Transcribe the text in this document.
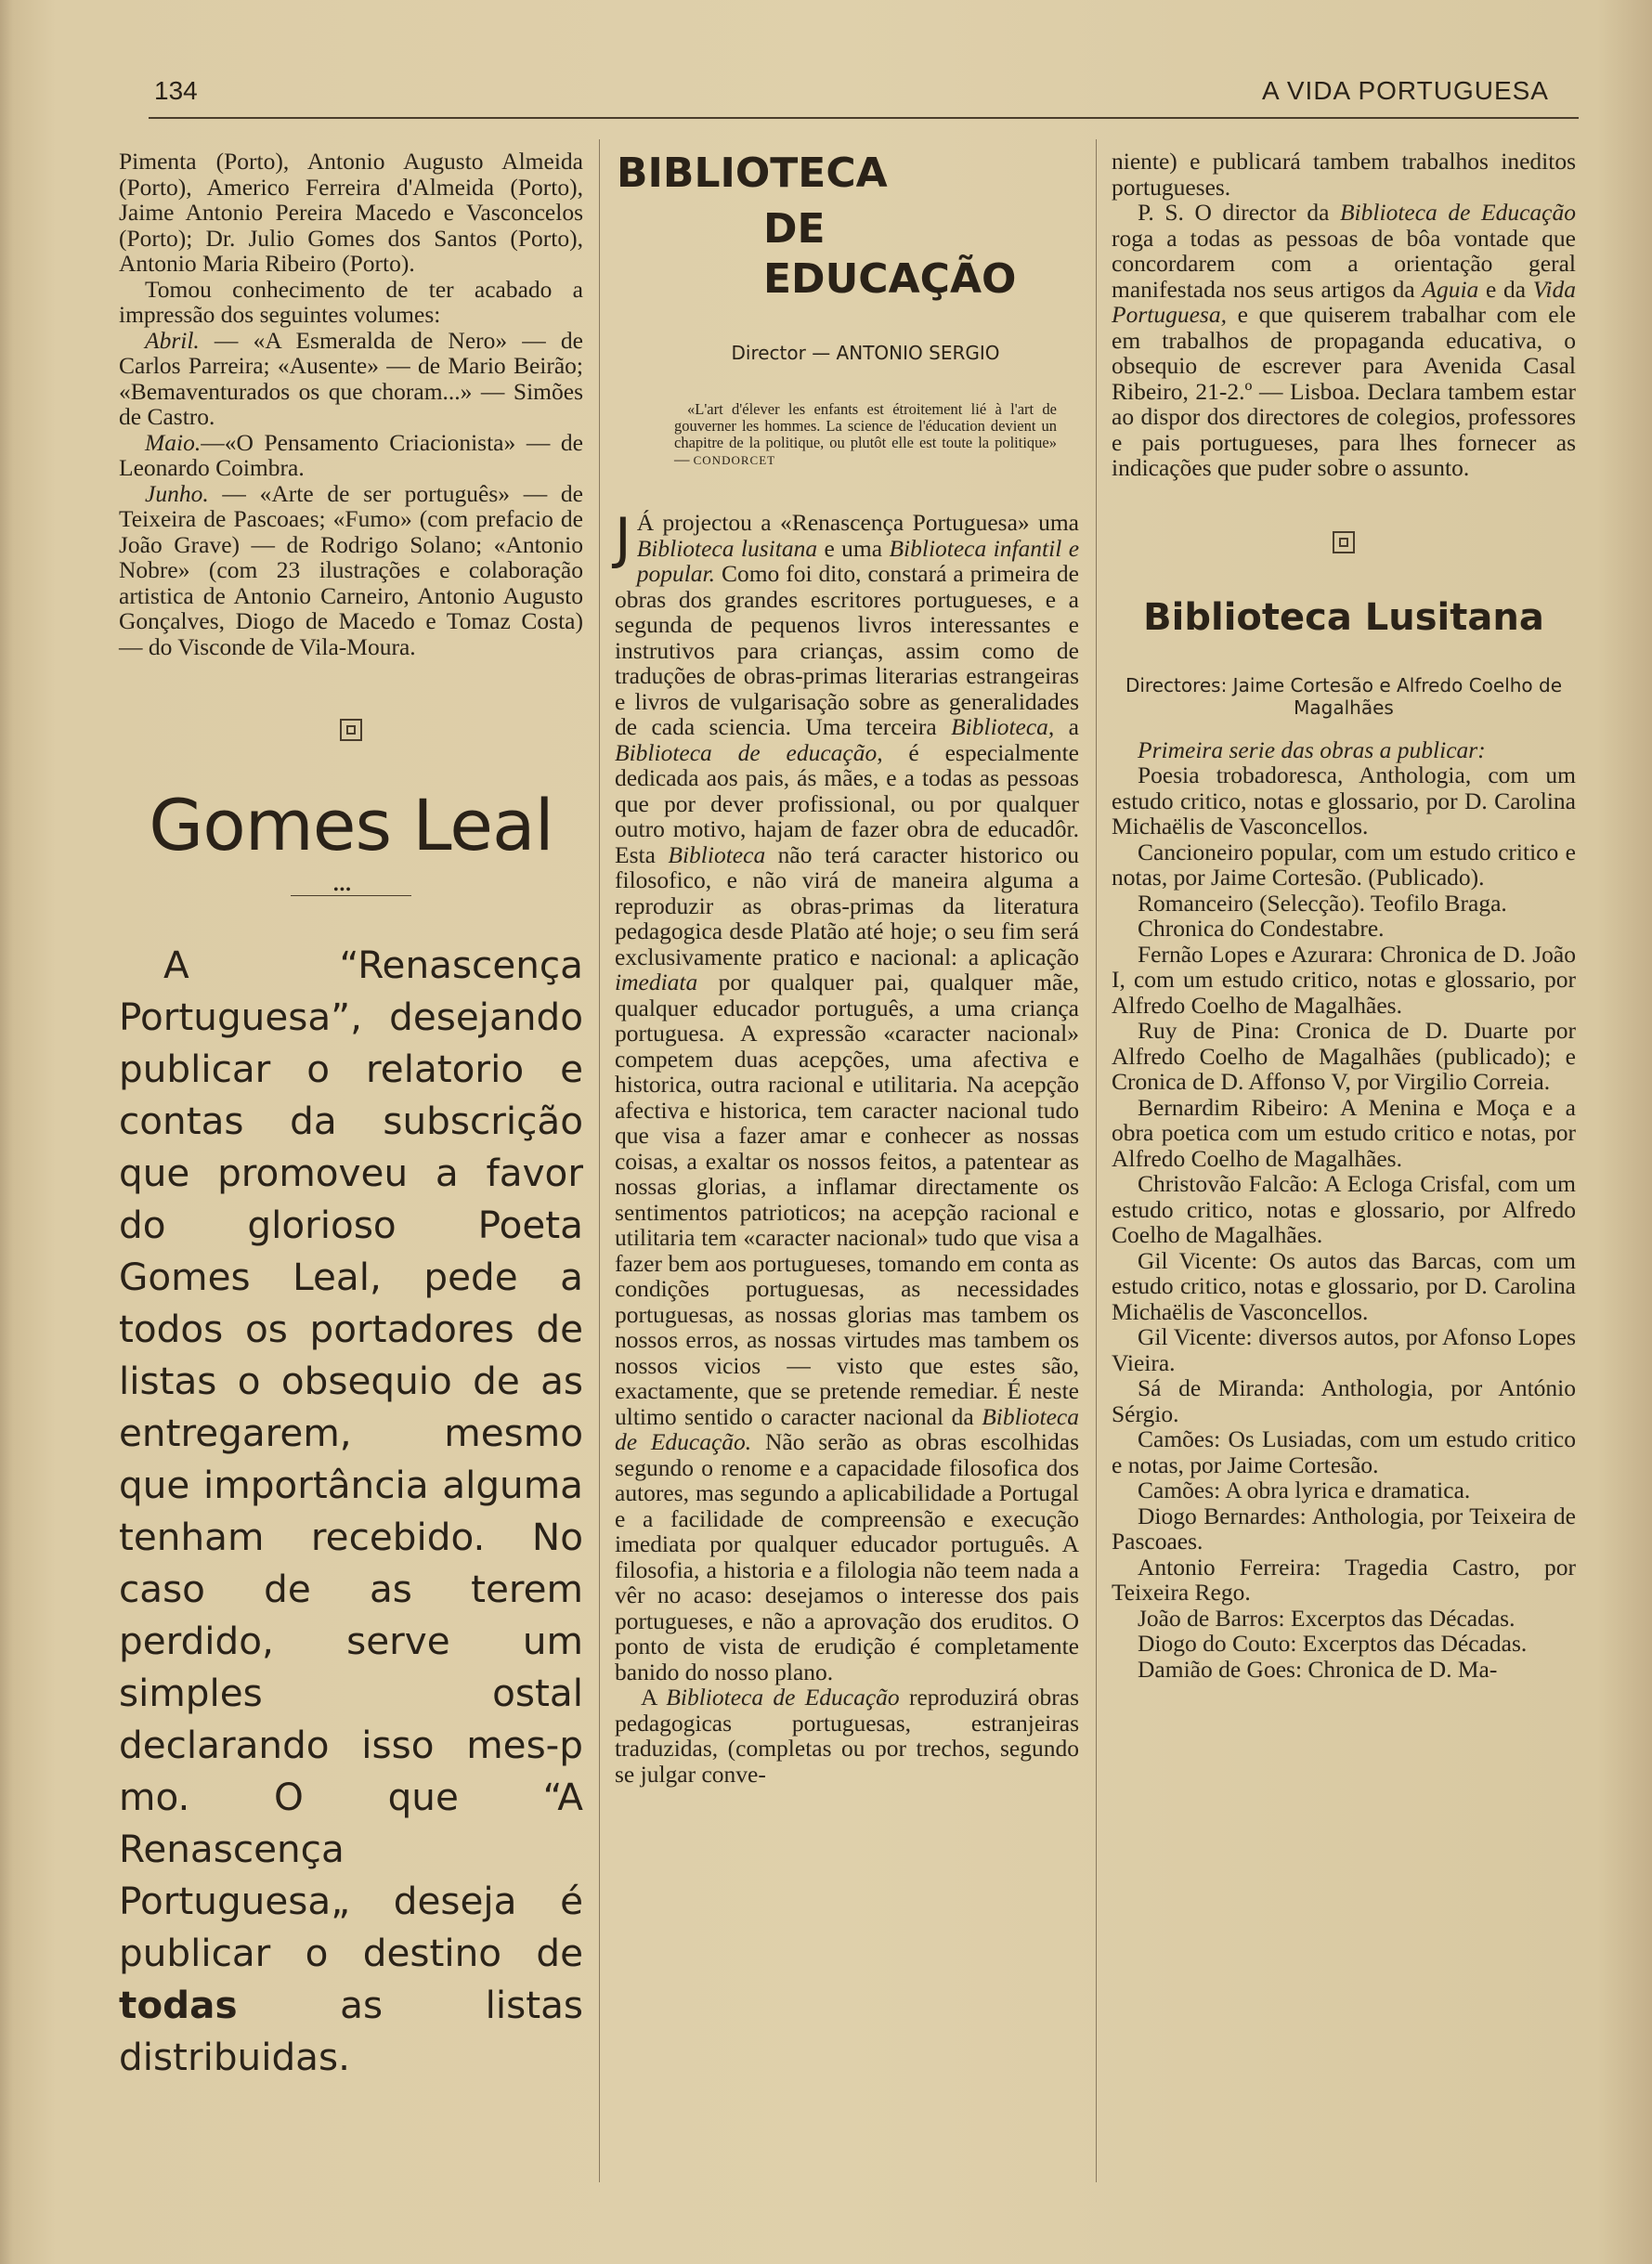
134	A VIDA PORTUGUESA

Pimenta (Porto), Antonio Augusto Almeida (Porto), Americo Ferreira d'Almeida (Porto), Jaime Antonio Pereira Macedo e Vasconcelos (Porto); Dr. Julio Gomes dos Santos (Porto), Antonio Maria Ribeiro (Porto).

Tomou conhecimento de ter acabado a impressão dos seguintes volumes:

Abril. — «A Esmeralda de Nero» — de Carlos Parreira; «Ausente» — de Mario Beirão; «Bemaventurados os que choram...» — Simões de Castro.

Maio.—«O Pensamento Criacionista» — de Leonardo Coimbra.

Junho. — «Arte de ser português» — de Teixeira de Pascoaes; «Fumo» (com prefacio de João Grave) — de Rodrigo Solano; «Antonio Nobre» (com 23 ilustrações e colaboração artistica de Antonio Carneiro, Antonio Augusto Gonçalves, Diogo de Macedo e Tomaz Costa) — do Visconde de Vila-Moura.

Gomes Leal
•••

A “Renascença Portuguesa”, desejando publicar o relatorio e contas da subscrição que promoveu a favor do glorioso Poeta Gomes Leal, pede a todos os portadores de listas o obsequio de as entregarem, mesmo que importância alguma tenham recebido. No caso de as terem perdido, serve um simples ostal declarando isso mes-p mo. O que “A Renascença Portuguesa„ deseja é publicar o destino de todas as listas distribuidas.

BIBLIOTECA
DE EDUCAÇÃO
Director — ANTONIO SERGIO

«L'art d'élever les enfants est étroitement lié à l'art de gouverner les hommes. La science de l'éducation devient un chapitre de la politique, ou plutôt elle est toute la politique» — CONDORCET

J Á projectou a «Renascença Portuguesa» uma Biblioteca lusitana e uma Biblioteca infantil e popular. Como foi dito, constará a primeira de obras dos grandes escritores portugueses, e a segunda de pequenos livros interessantes e instrutivos para crianças, assim como de traduções de obras-primas literarias estrangeiras e livros de vulgarisação sobre as generalidades de cada sciencia. Uma terceira Biblioteca, a Biblioteca de educação, é especialmente dedicada aos pais, ás mães, e a todas as pessoas que por dever profissional, ou por qualquer outro motivo, hajam de fazer obra de educadôr. Esta Biblioteca não terá caracter historico ou filosofico, e não virá de maneira alguma a reproduzir as obras-primas da literatura pedagogica desde Platão até hoje; o seu fim será exclusivamente pratico e nacional: a aplicação imediata por qualquer pai, qualquer mãe, qualquer educador português, a uma criança portuguesa. A expressão «caracter nacional» competem duas acepções, uma afectiva e historica, outra racional e utilitaria. Na acepção afectiva e historica, tem caracter nacional tudo que visa a fazer amar e conhecer as nossas coisas, a exaltar os nossos feitos, a patentear as nossas glorias, a inflamar directamente os sentimentos patrioticos; na acepção racional e utilitaria tem «caracter nacional» tudo que visa a fazer bem aos portugueses, tomando em conta as condições portuguesas, as necessidades portuguesas, as nossas glorias mas tambem os nossos erros, as nossas virtudes mas tambem os nossos vicios — visto que estes são, exactamente, que se pretende remediar. É neste ultimo sentido o caracter nacional da Biblioteca de Educação. Não serão as obras escolhidas segundo o renome e a capacidade filosofica dos autores, mas segundo a aplicabilidade a Portugal e a facilidade de compreensão e execução imediata por qualquer educador português. A filosofia, a historia e a filologia não teem nada a vêr no acaso: desejamos o interesse dos pais portugueses, e não a aprovação dos eruditos. O ponto de vista de erudição é completamente banido do nosso plano.

A Biblioteca de Educação reproduzirá obras pedagogicas portuguesas, estranjeiras traduzidas, (completas ou por trechos, segundo se julgar conve-

niente) e publicará tambem trabalhos ineditos portugueses.

P. S. O director da Biblioteca de Educação roga a todas as pessoas de bôa vontade que concordarem com a orientação geral manifestada nos seus artigos da Aguia e da Vida Portuguesa, e que quiserem trabalhar com ele em trabalhos de propaganda educativa, o obsequio de escrever para Avenida Casal Ribeiro, 21-2.º — Lisboa. Declara tambem estar ao dispor dos directores de colegios, professores e pais portugueses, para lhes fornecer as indicações que puder sobre o assunto.

Biblioteca Lusitana
Directores: Jaime Cortesão e Alfredo Coelho de Magalhães

Primeira serie das obras a publicar:

Poesia trobadoresca, Anthologia, com um estudo critico, notas e glossario, por D. Carolina Michaëlis de Vasconcellos.

Cancioneiro popular, com um estudo critico e notas, por Jaime Cortesão. (Publicado).

Romanceiro (Selecção). Teofilo Braga.

Chronica do Condestabre.

Fernão Lopes e Azurara: Chronica de D. João I, com um estudo critico, notas e glossario, por Alfredo Coelho de Magalhães.

Ruy de Pina: Cronica de D. Duarte por Alfredo Coelho de Magalhães (publicado); e Cronica de D. Affonso V, por Virgilio Correia.

Bernardim Ribeiro: A Menina e Moça e a obra poetica com um estudo critico e notas, por Alfredo Coelho de Magalhães.

Christovão Falcão: A Ecloga Crisfal, com um estudo critico, notas e glossario, por Alfredo Coelho de Magalhães.

Gil Vicente: Os autos das Barcas, com um estudo critico, notas e glossario, por D. Carolina Michaëlis de Vasconcellos.

Gil Vicente: diversos autos, por Afonso Lopes Vieira.

Sá de Miranda: Anthologia, por António Sérgio.

Camões: Os Lusiadas, com um estudo critico e notas, por Jaime Cortesão.

Camões: A obra lyrica e dramatica.

Diogo Bernardes: Anthologia, por Teixeira de Pascoaes.

Antonio Ferreira: Tragedia Castro, por Teixeira Rego.

João de Barros: Excerptos das Décadas.

Diogo do Couto: Excerptos das Décadas.

Damião de Goes: Chronica de D. Ma-
